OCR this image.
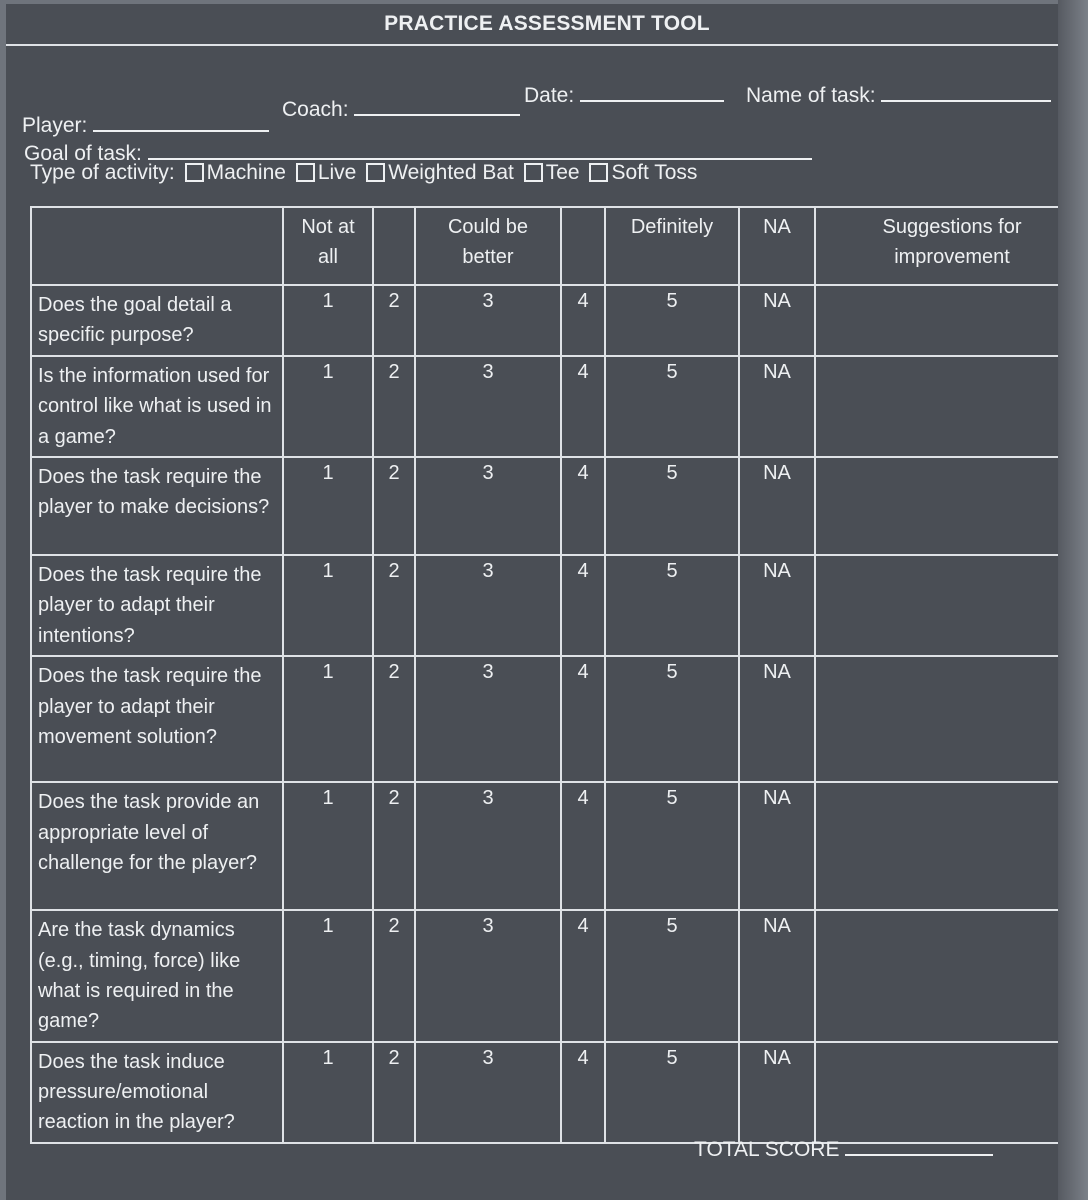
PRACTICE ASSESSMENT TOOL
Player:
Coach:
Date:	Name of task:
Goal of task:
Type of activity: Machine Live Weighted Bat Tee Soft Toss
	Not at all		Could be better		Definitely	NA	Suggestions for improvement
Does the goal detail a specific purpose?	1	2	3	4	5	NA	
Is the information used for control like what is used in a game?	1	2	3	4	5	NA	
Does the task require the player to make decisions?	1	2	3	4	5	NA	
Does the task require the player to adapt their intentions?	1	2	3	4	5	NA	
Does the task require the player to adapt their movement solution?	1	2	3	4	5	NA	
Does the task provide an appropriate level of challenge for the player?	1	2	3	4	5	NA	
Are the task dynamics (e.g., timing, force) like what is required in the game?	1	2	3	4	5	NA	
Does the task induce pressure/emotional reaction in the player?	1	2	3	4	5	NA	
TOTAL SCORE
